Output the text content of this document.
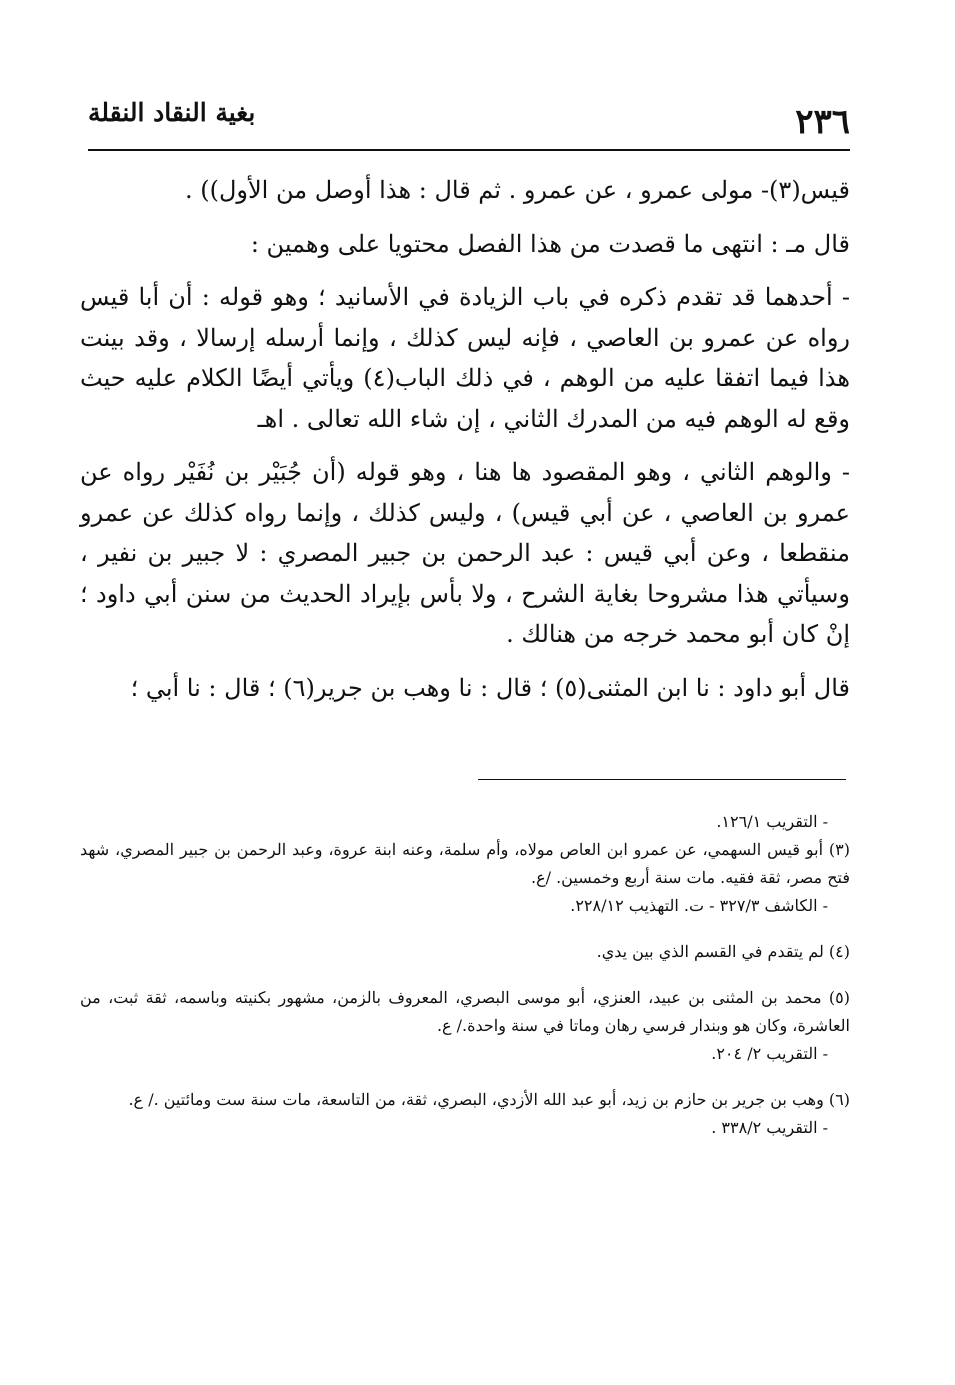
٢٣٦
بغية النقاد النقلة

قيس(٣)- مولى عمرو ، عن عمرو . ثم قال : هذا أوصل من الأول)) .

قال مـ : انتهى ما قصدت من هذا الفصل محتويا على وهمين :

- أحدهما قد تقدم ذكره في باب الزيادة في الأسانيد ؛ وهو قوله : أن أبا قيس رواه عن عمرو بن العاصي ، فإنه ليس كذلك ، وإنما أرسله إرسالا ، وقد بينت هذا فيما اتفقا عليه من الوهم ، في ذلك الباب(٤) ويأتي أيضًا الكلام عليه حيث وقع له الوهم فيه من المدرك الثاني ، إن شاء الله تعالى . اهـ

- والوهم الثاني ، وهو المقصود ها هنا ، وهو قوله (أن جُبَيْر بن نُفَيْر رواه عن عمرو بن العاصي ، عن أبي قيس) ، وليس كذلك ، وإنما رواه كذلك عن عمرو منقطعا ، وعن أبي قيس : عبد الرحمن بن جبير المصري : لا جبير بن نفير ، وسيأتي هذا مشروحا بغاية الشرح ، ولا بأس بإيراد الحديث من سنن أبي داود ؛ إنْ كان أبو محمد خرجه من هنالك .

قال أبو داود : نا ابن المثنى(٥) ؛ قال : نا وهب بن جرير(٦) ؛ قال : نا أبي ؛

- التقريب ١٢٦/١.

(٣) أبو قيس السهمي، عن عمرو ابن العاص مولاه، وأم سلمة، وعنه ابنة عروة، وعبد الرحمن بن جبير المصري، شهد فتح مصر، ثقة فقيه. مات سنة أربع وخمسين. /ع.

- الكاشف ٣٢٧/٣ - ت. التهذيب ٢٢٨/١٢.

(٤) لم يتقدم في القسم الذي بين يدي.

(٥) محمد بن المثنى بن عبيد، العنزي، أبو موسى البصري، المعروف بالزمن، مشهور بكنيته وباسمه، ثقة ثبت، من العاشرة، وكان هو وبندار فرسي رهان وماتا في سنة واحدة./ ع.

- التقريب ٢/ ٢٠٤.

(٦) وهب بن جرير بن حازم بن زيد، أبو عبد الله الأزدي، البصري، ثقة، من التاسعة، مات سنة ست ومائتين ./ ع.

- التقريب ٣٣٨/٢ .
